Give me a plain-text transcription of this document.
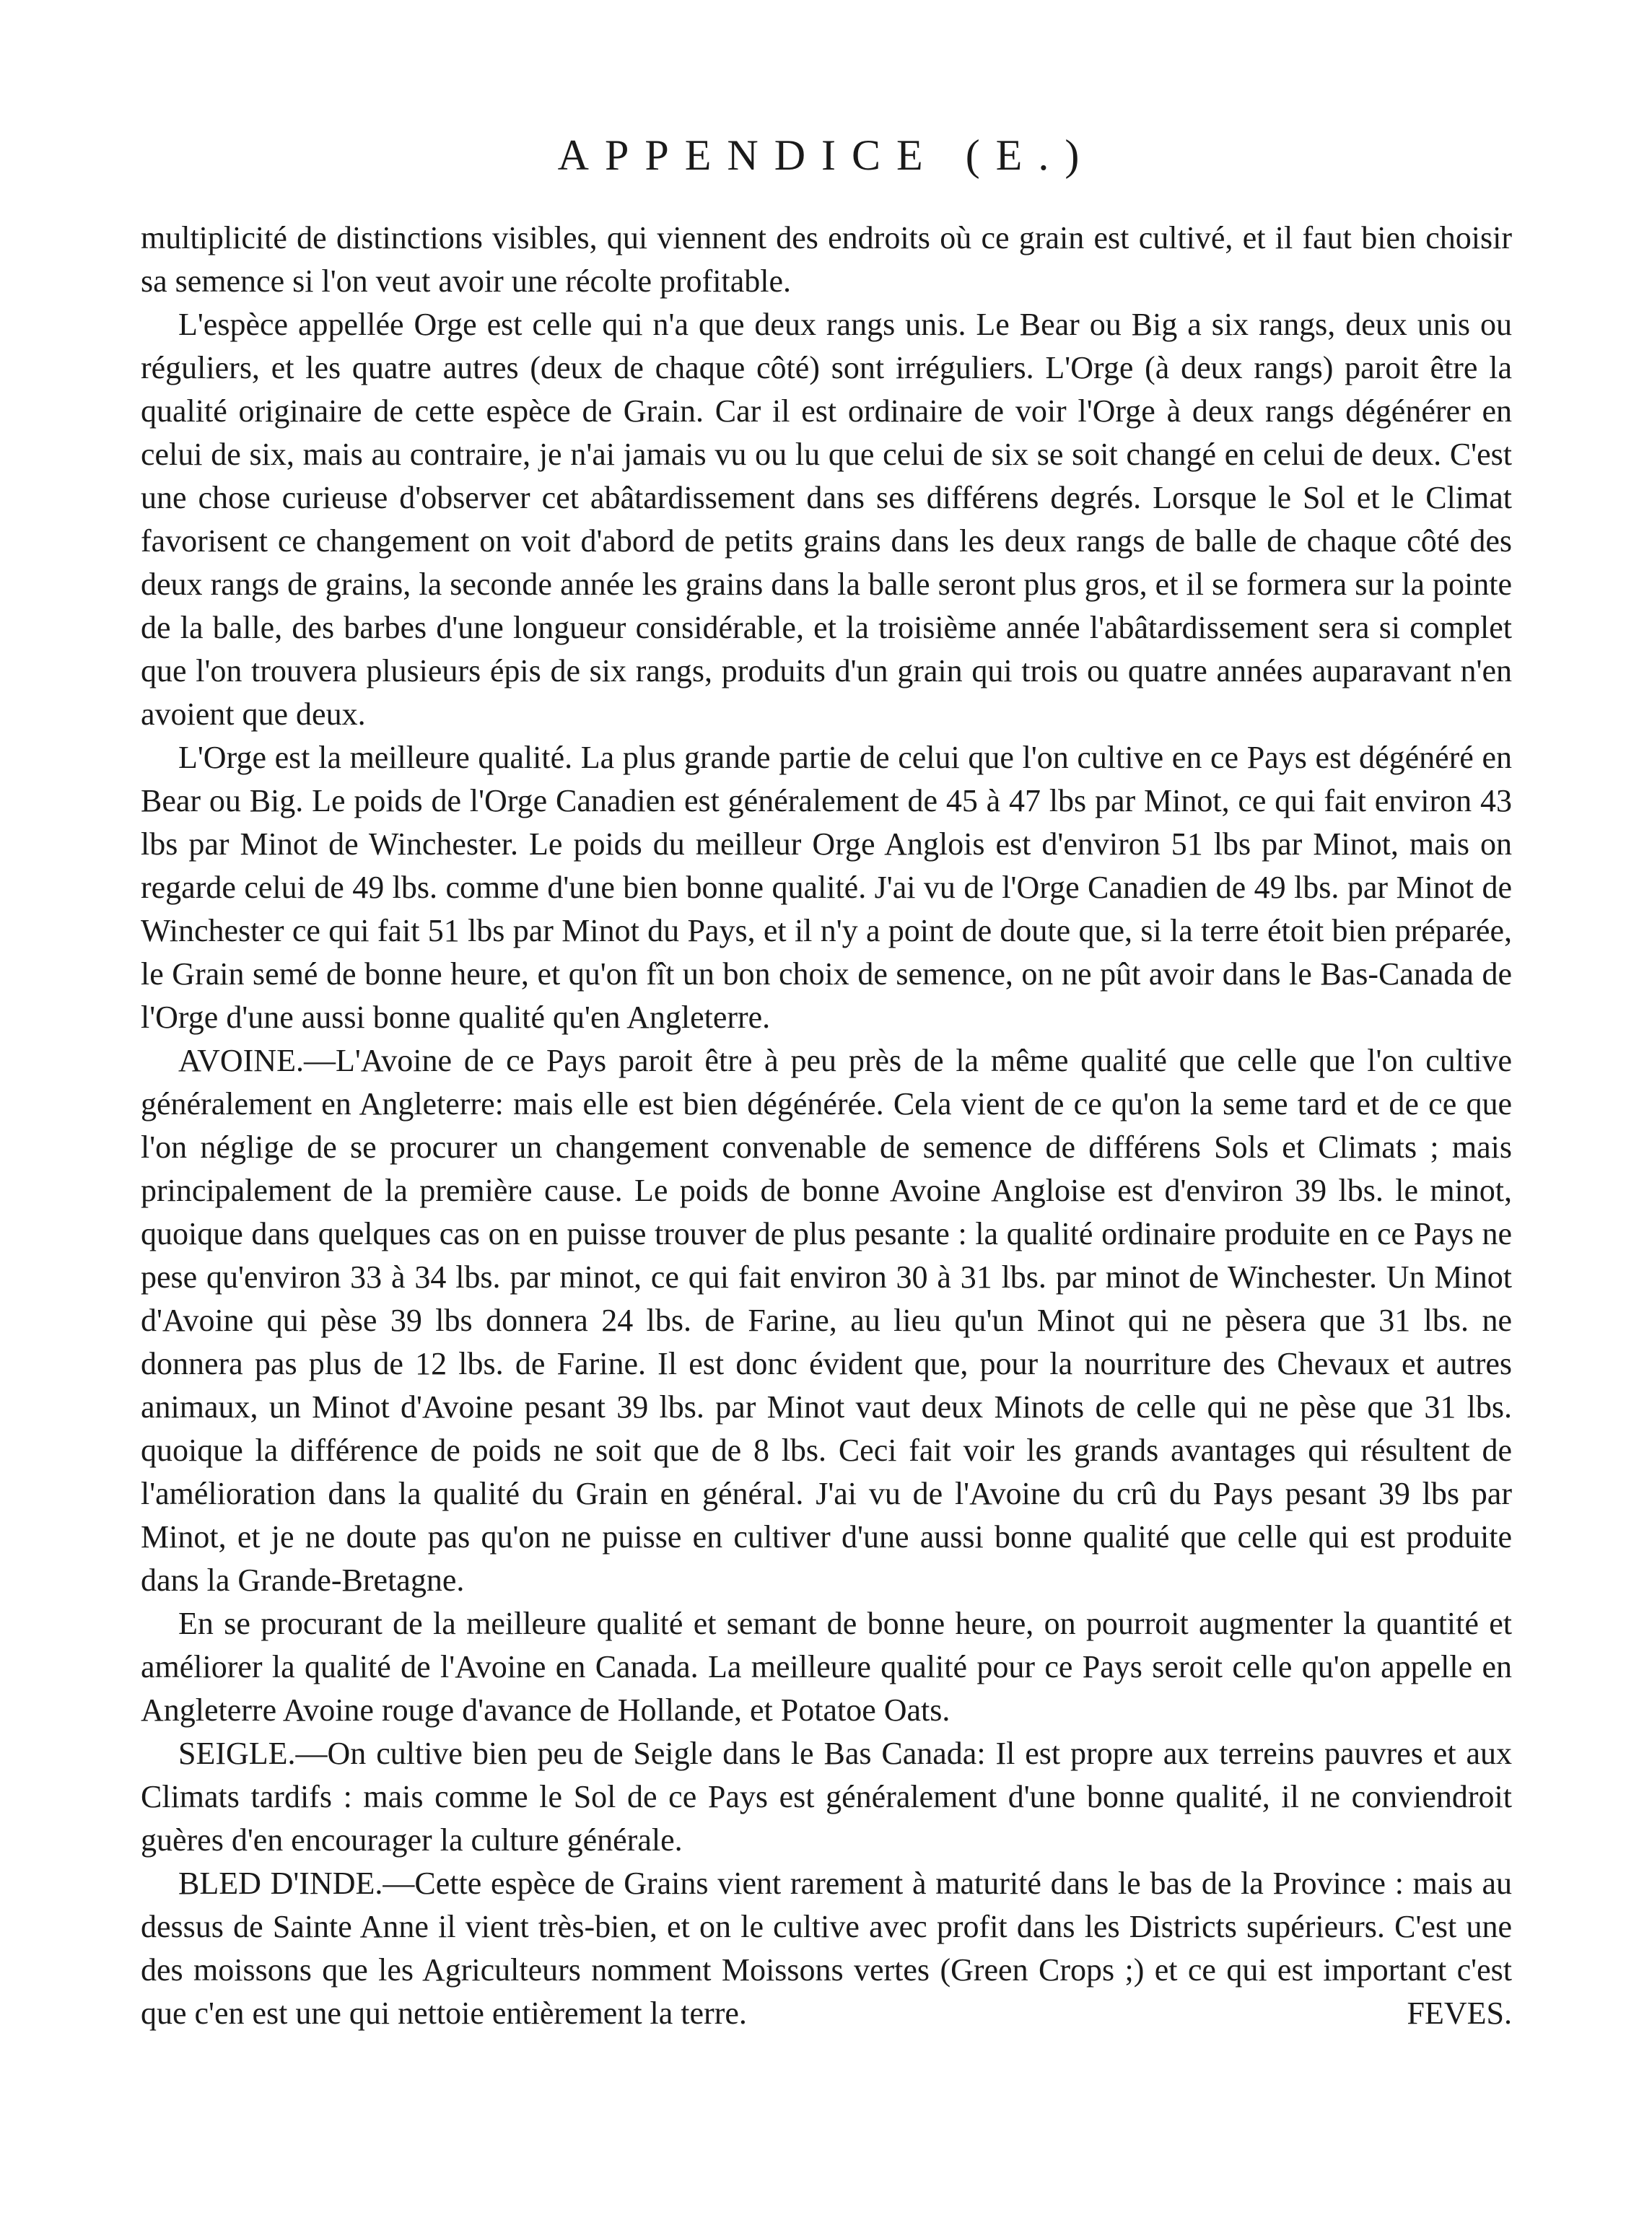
APPENDICE (E.)

multiplicité de distinctions visibles, qui viennent des endroits où ce grain est cultivé, et il faut bien choisir sa semence si l'on veut avoir une récolte profitable.

L'espèce appellée Orge est celle qui n'a que deux rangs unis. Le Bear ou Big a six rangs, deux unis ou réguliers, et les quatre autres (deux de chaque côté) sont irréguliers. L'Orge (à deux rangs) paroit être la qualité originaire de cette espèce de Grain. Car il est ordinaire de voir l'Orge à deux rangs dégénérer en celui de six, mais au contraire, je n'ai jamais vu ou lu que celui de six se soit changé en celui de deux. C'est une chose curieuse d'observer cet abâtardissement dans ses différens degrés. Lorsque le Sol et le Climat favorisent ce changement on voit d'abord de petits grains dans les deux rangs de balle de chaque côté des deux rangs de grains, la seconde année les grains dans la balle seront plus gros, et il se formera sur la pointe de la balle, des barbes d'une longueur considérable, et la troisième année l'abâtardissement sera si complet que l'on trouvera plusieurs épis de six rangs, produits d'un grain qui trois ou quatre années auparavant n'en avoient que deux.

L'Orge est la meilleure qualité. La plus grande partie de celui que l'on cultive en ce Pays est dégénéré en Bear ou Big. Le poids de l'Orge Canadien est généralement de 45 à 47 lbs par Minot, ce qui fait environ 43 lbs par Minot de Winchester. Le poids du meilleur Orge Anglois est d'environ 51 lbs par Minot, mais on regarde celui de 49 lbs. comme d'une bien bonne qualité. J'ai vu de l'Orge Canadien de 49 lbs. par Minot de Winchester ce qui fait 51 lbs par Minot du Pays, et il n'y a point de doute que, si la terre étoit bien préparée, le Grain semé de bonne heure, et qu'on fît un bon choix de semence, on ne pût avoir dans le Bas-Canada de l'Orge d'une aussi bonne qualité qu'en Angleterre.

AVOINE.—L'Avoine de ce Pays paroit être à peu près de la même qualité que celle que l'on cultive généralement en Angleterre: mais elle est bien dégénérée. Cela vient de ce qu'on la seme tard et de ce que l'on néglige de se procurer un changement convenable de semence de différens Sols et Climats ; mais principalement de la première cause. Le poids de bonne Avoine Angloise est d'environ 39 lbs. le minot, quoique dans quelques cas on en puisse trouver de plus pesante : la qualité ordinaire produite en ce Pays ne pese qu'environ 33 à 34 lbs. par minot, ce qui fait environ 30 à 31 lbs. par minot de Winchester. Un Minot d'Avoine qui pèse 39 lbs donnera 24 lbs. de Farine, au lieu qu'un Minot qui ne pèsera que 31 lbs. ne donnera pas plus de 12 lbs. de Farine. Il est donc évident que, pour la nourriture des Chevaux et autres animaux, un Minot d'Avoine pesant 39 lbs. par Minot vaut deux Minots de celle qui ne pèse que 31 lbs. quoique la différence de poids ne soit que de 8 lbs. Ceci fait voir les grands avantages qui résultent de l'amélioration dans la qualité du Grain en général. J'ai vu de l'Avoine du crû du Pays pesant 39 lbs par Minot, et je ne doute pas qu'on ne puisse en cultiver d'une aussi bonne qualité que celle qui est produite dans la Grande-Bretagne.

En se procurant de la meilleure qualité et semant de bonne heure, on pourroit augmenter la quantité et améliorer la qualité de l'Avoine en Canada. La meilleure qualité pour ce Pays seroit celle qu'on appelle en Angleterre Avoine rouge d'avance de Hollande, et Potatoe Oats.

SEIGLE.—On cultive bien peu de Seigle dans le Bas Canada: Il est propre aux terreins pauvres et aux Climats tardifs : mais comme le Sol de ce Pays est généralement d'une bonne qualité, il ne conviendroit guères d'en encourager la culture générale.

BLED D'INDE.—Cette espèce de Grains vient rarement à maturité dans le bas de la Province : mais au dessus de Sainte Anne il vient très-bien, et on le cultive avec profit dans les Districts supérieurs. C'est une des moissons que les Agriculteurs nomment Moissons vertes (Green Crops ;) et ce qui est important c'est que c'en est une qui nettoie entièrement la terre.	FEVES.
